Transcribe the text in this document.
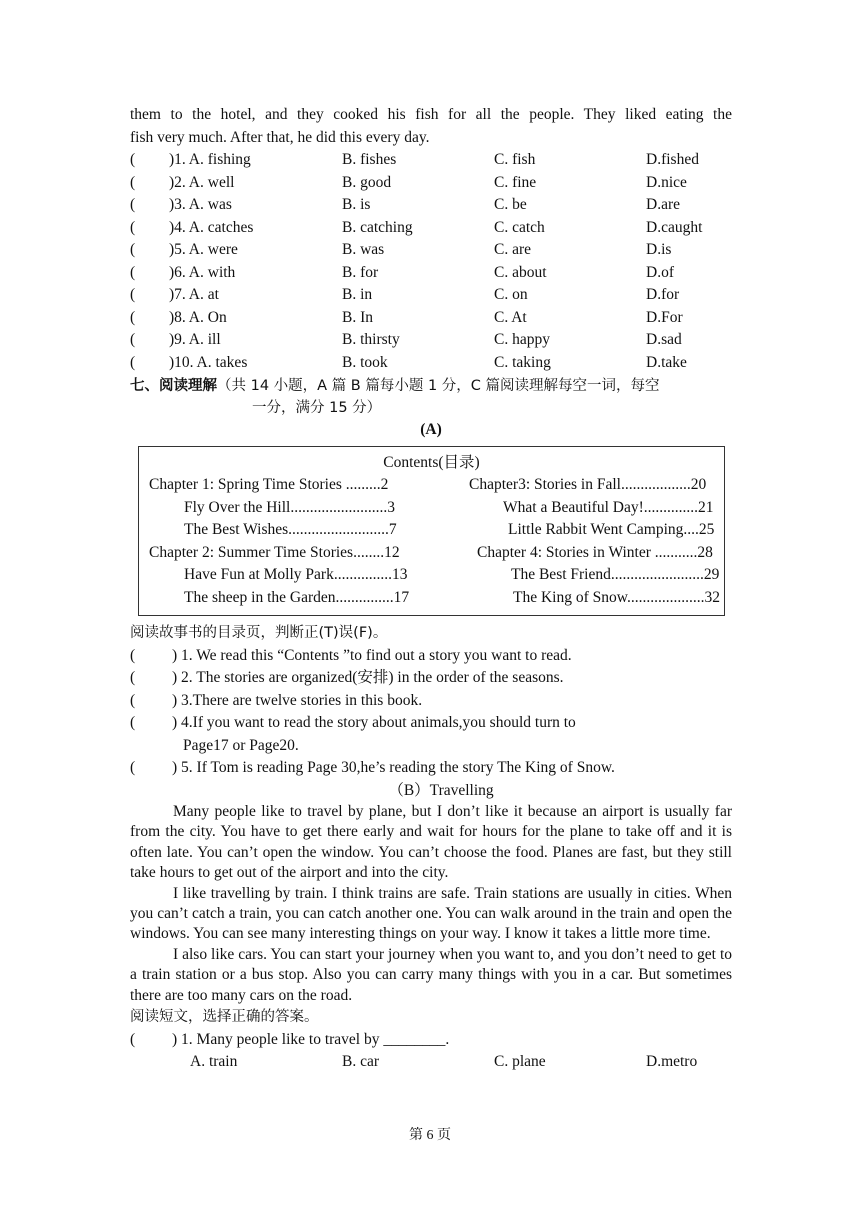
them to the hotel, and they cooked his fish for all the people. They liked eating the

fish very much. After that, he did this every day.

( )1. A. fishing	B. fishes	C. fish	D.fished
( )2. A. well	B. good	C. fine	D.nice
( )3. A. was	B. is	C. be	D.are
( )4. A. catches	B. catching	C. catch	D.caught
( )5. A. were	B. was	C. are	D.is
( )6. A. with	B. for	C. about	D.of
( )7. A. at	B. in	C. on	D.for
( )8. A. On	B. In	C. At	D.For
( )9. A. ill	B. thirsty	C. happy	D.sad
( )10. A. takes	B. took	C. taking	D.take
七、阅读理解（共 14 小题，A 篇 B 篇每小题 1 分，C 篇阅读理解每空一词，每空
一分，满分 15 分）

(A)

Contents(目录)
Chapter 1: Spring Time Stories .........2	Chapter3: Stories in Fall..................20
Fly Over the Hill.........................3	What a Beautiful Day!..............21
The Best Wishes..........................7	Little Rabbit Went Camping....25
Chapter 2: Summer Time Stories........12	Chapter 4: Stories in Winter ...........28
Have Fun at Molly Park...............13	The Best Friend........................29
The sheep in the Garden...............17	The King of Snow....................32

阅读故事书的目录页，判断正(T)误(F)。

( ) 1. We read this “Contents ”to find out a story you want to read.
( ) 2. The stories are organized(安排) in the order of the seasons.
( ) 3.There are twelve stories in this book.
( ) 4.If you want to read the story about animals,you should turn to
Page17 or Page20.
( ) 5. If Tom is reading Page 30,he’s reading the story The King of Snow.

（B）Travelling

Many people like to travel by plane, but I don’t like it because an airport is usually far from the city. You have to get there early and wait for hours for the plane to take off and it is often late. You can’t open the window. You can’t choose the food. Planes are fast, but they still take hours to get out of the airport and into the city.

I like travelling by train. I think trains are safe. Train stations are usually in cities. When you can’t catch a train, you can catch another one. You can walk around in the train and open the windows. You can see many interesting things on your way. I know it takes a little more time.

I also like cars. You can start your journey when you want to, and you don’t need to get to a train station or a bus stop. Also you can carry many things with you in a car. But sometimes there are too many cars on the road.

阅读短文，选择正确的答案。

( ) 1. Many people like to travel by ________.
A. train	B. car	C. plane	D.metro
第 6 页
